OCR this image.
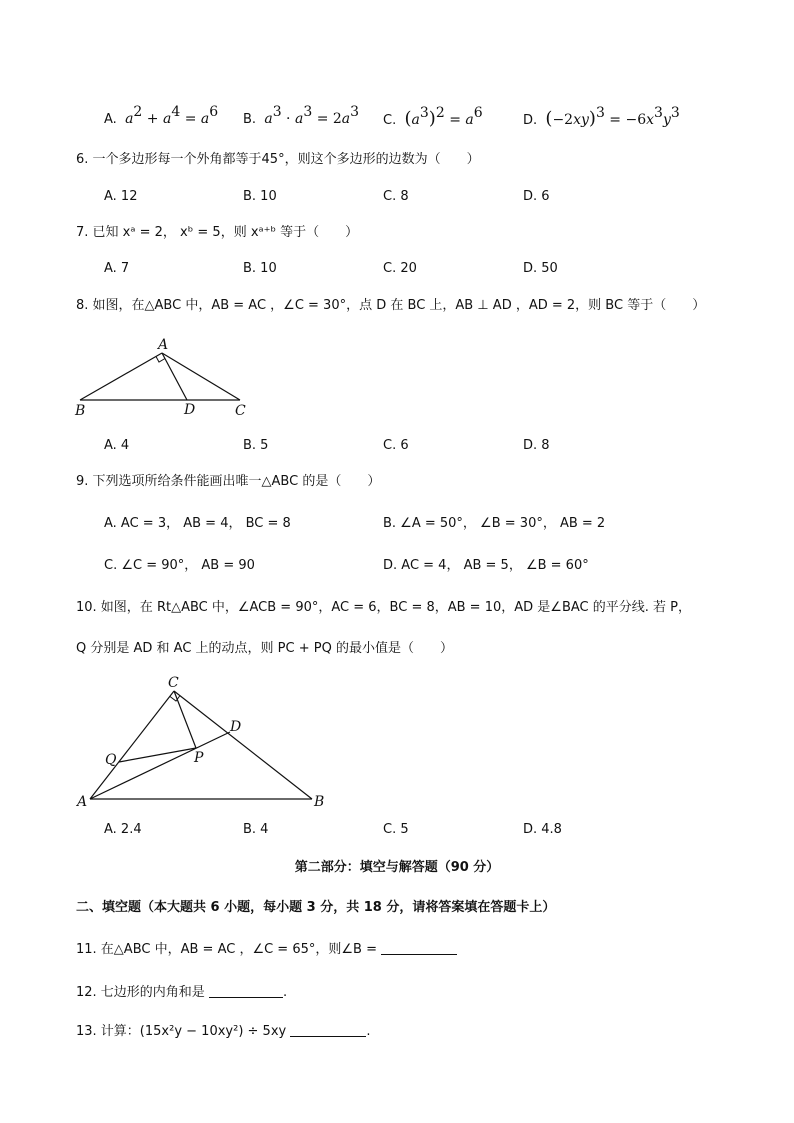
A. $a^2 + a^4 = a^6$ B. $a^3 \cdot a^3 = 2a^3$
C. $(a^3)^2 = a^6$	D. $(-2xy)^3 = -6x^3y^3$
6. 一个多边形每一个外角都等于45°，则这个多边形的边数为（　　）
A. 12	B. 10	C. 8	D. 6
7. 已知 xᵃ = 2， xᵇ = 5，则 xᵃ⁺ᵇ 等于（　　）
A. 7	B. 10	C. 20	D. 50
8. 如图，在△ABC 中，AB = AC ，∠C = 30°，点 D 在 BC 上，AB ⊥ AD ，AD = 2，则 BC 等于（　　）
A
B	D	C
A. 4	B. 5	C. 6	D. 8
9. 下列选项所给条件能画出唯一△ABC 的是（　　）
A. AC = 3， AB = 4， BC = 8	B. ∠A = 50°， ∠B = 30°， AB = 2
C. ∠C = 90°， AB = 90	D. AC = 4， AB = 5， ∠B = 60°
10. 如图，在 Rt△ABC 中，∠ACB = 90°，AC = 6，BC = 8，AB = 10，AD 是∠BAC 的平分线. 若 P，
Q 分别是 AD 和 AC 上的动点，则 PC + PQ 的最小值是（　　）
C
D
Q	P
A	B
A. 2.4	B. 4	C. 5	D. 4.8
第二部分：填空与解答题（90 分）
二、填空题（本大题共 6 小题，每小题 3 分，共 18 分，请将答案填在答题卡上）
11. 在△ABC 中，AB = AC ，∠C = 65°，则∠B =
12. 七边形的内角和是	.
13. 计算：(15x²y − 10xy²) ÷ 5xy	.
